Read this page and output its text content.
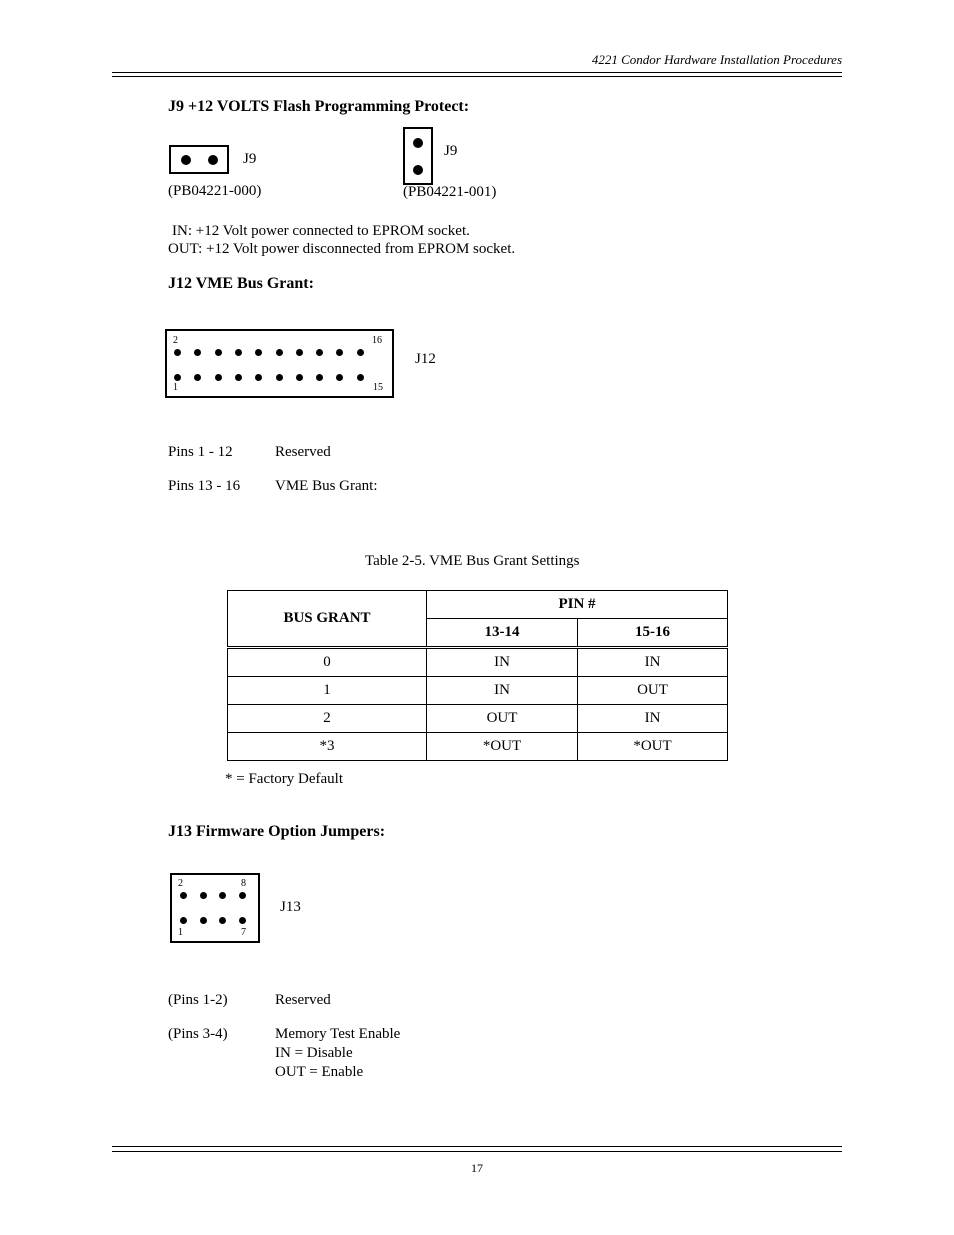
4221 Condor Hardware Installation Procedures
J9 +12 VOLTS Flash Programming Protect:
J9
(PB04221-000)
J9
(PB04221-001)
IN: +12 Volt power connected to EPROM socket.
OUT: +12 Volt power disconnected from EPROM socket.
J12 VME Bus Grant:
2	16
1	15
J12
Pins 1 - 12	Reserved
Pins 13 - 16 VME Bus Grant:
Table 2-5. VME Bus Grant Settings
BUS GRANT	PIN #	
	13-14	15-16
0	IN	IN
1	IN	OUT
2	OUT	IN
*3	*OUT	*OUT
* = Factory Default
J13 Firmware Option Jumpers:
2	8
1	7
J13
(Pins 1-2)	Reserved
(Pins 3-4)	Memory Test Enable
IN = Disable
OUT = Enable
17
